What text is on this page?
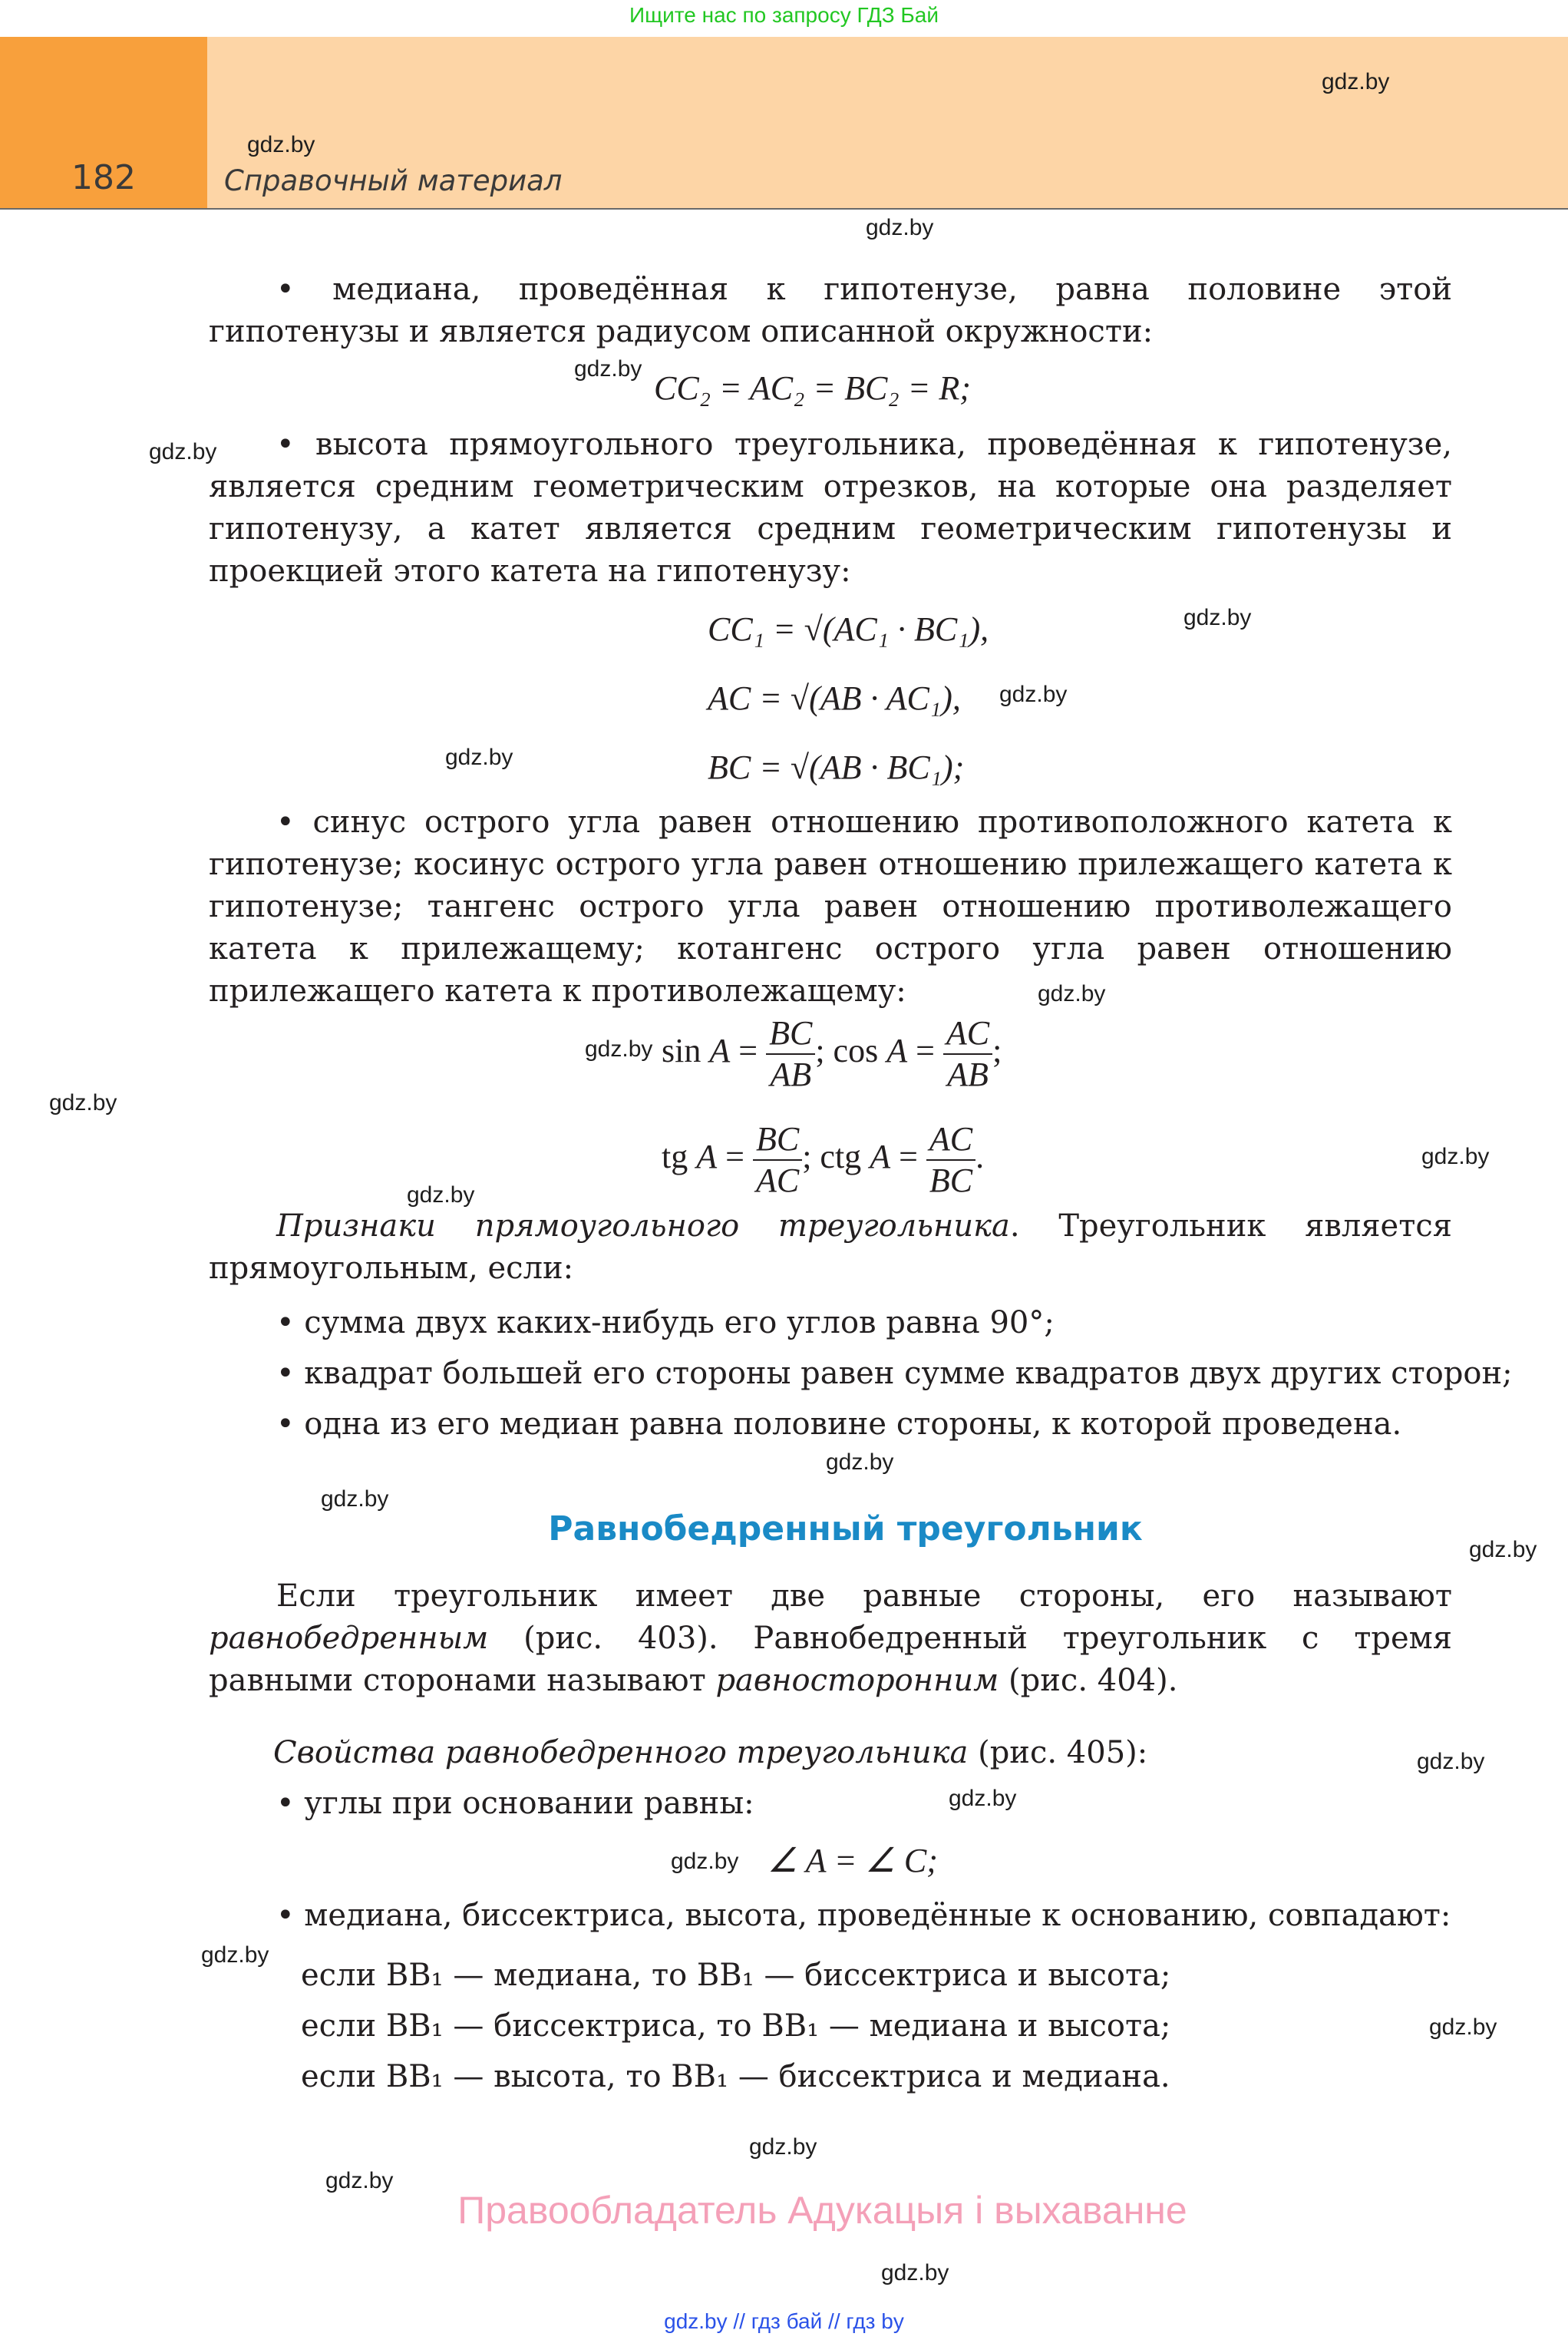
Ищите нас по запросу ГДЗ Бай
182	Справочный материал
gdz.by
gdz.by
gdz.by
gdz.by
gdz.by
gdz.by
gdz.by
gdz.by
gdz.by
gdz.by
gdz.by
gdz.by
gdz.by
gdz.by
gdz.by
gdz.by
gdz.by
gdz.by
gdz.by
gdz.by
gdz.by
gdz.by
gdz.by
gdz.by
• медиана, проведённая к гипотенузе, равна половине этой гипотенузы и является радиусом описанной окружности:
CC₂ = AC₂ = BC₂ = R;
• высота прямоугольного треугольника, проведённая к гипотенузе, является средним геометрическим отрезков, на которые она разделяет гипотенузу, а катет является средним геометрическим гипотенузы и проекцией этого катета на гипотенузу:
CC₁ = √(AC₁ · BC₁),
AC = √(AB · AC₁),
BC = √(AB · BC₁);
• синус острого угла равен отношению противоположного катета к гипотенузе; косинус острого угла равен отношению прилежащего катета к гипотенузе; тангенс острого угла равен отношению противолежащего катета к прилежащему; котангенс острого угла равен отношению прилежащего катета к противолежащему:
$\sin A = \frac{BC}{AB}$ ; $\cos A = \frac{AC}{AB}$ ;
tg $A = \frac{BC}{AC}$ ; ctg $A = \frac{AC}{BC}$ .
Признаки прямоугольного треугольника. Треугольник является прямоугольным, если:
• сумма двух каких-нибудь его углов равна 90°;
• квадрат большей его стороны равен сумме квадратов двух других сторон;
• одна из его медиан равна половине стороны, к которой проведена.
Равнобедренный треугольник
Если треугольник имеет две равные стороны, его называют равнобедренным (рис. 403). Равнобедренный треугольник с тремя равными сторонами называют равносторонним (рис. 404).
Свойства равнобедренного треугольника (рис. 405):
• углы при основании равны:
∠ A = ∠ C;
• медиана, биссектриса, высота, проведённые к основанию, совпадают:
если BB₁ — медиана, то BB₁ — биссектриса и высота;
если BB₁ — биссектриса, то BB₁ — медиана и высота;
если BB₁ — высота, то BB₁ — биссектриса и медиана.
Правообладатель Адукацыя і выхаванне
gdz.by // гдз бай // гдз by
